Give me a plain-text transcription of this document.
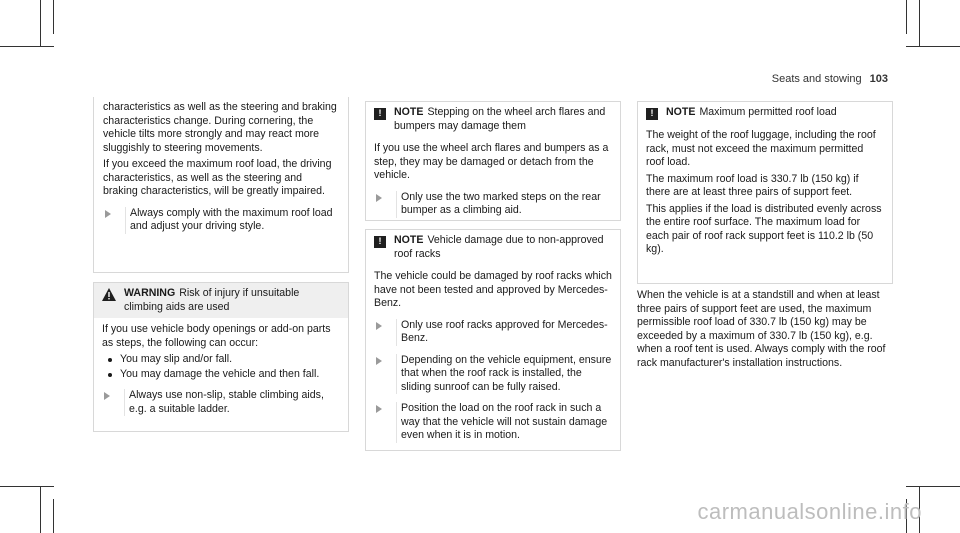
Seats and stowing 103

characteristics as well as the steering and braking characteristics change. During cornering, the vehicle tilts more strongly and may react more sluggishly to steering movements.

If you exceed the maximum roof load, the driving characteristics, as well as the steering and braking characteristics, will be greatly impaired.

Always comply with the maximum roof load and adjust your driving style.
WARNING Risk of injury if unsuitable climbing aids are used

If you use vehicle body openings or add-on parts as steps, the following can occur:

You may slip and/or fall.
You may damage the vehicle and then fall.
Always use non-slip, stable climbing aids, e.g. a suitable ladder.
!	NOTE Stepping on the wheel arch flares and bumpers may damage them

If you use the wheel arch flares and bumpers as a step, they may be damaged or detach from the vehicle.

Only use the two marked steps on the rear bumper as a climbing aid.
!	NOTE Vehicle damage due to non-approved roof racks

The vehicle could be damaged by roof racks which have not been tested and approved by Mercedes-Benz.

Only use roof racks approved for Mercedes-Benz.
Depending on the vehicle equipment, ensure that when the roof rack is installed, the sliding sunroof can be fully raised.
Position the load on the roof rack in such a way that the vehicle will not sustain damage even when it is in motion.
!	NOTE Maximum permitted roof load

The weight of the roof luggage, including the roof rack, must not exceed the maximum permitted roof load.

The maximum roof load is 330.7 lb (150 kg) if there are at least three pairs of support feet.

This applies if the load is distributed evenly across the entire roof surface. The maximum load for each pair of roof rack support feet is 110.2 lb (50 kg).

When the vehicle is at a standstill and when at least three pairs of support feet are used, the maximum permissible roof load of 330.7 lb (150 kg) may be exceeded by a maximum of 330.7 lb (150 kg), e.g. when a roof tent is used. Always comply with the roof rack manufacturer's installation instructions.
carmanualsonline.info
